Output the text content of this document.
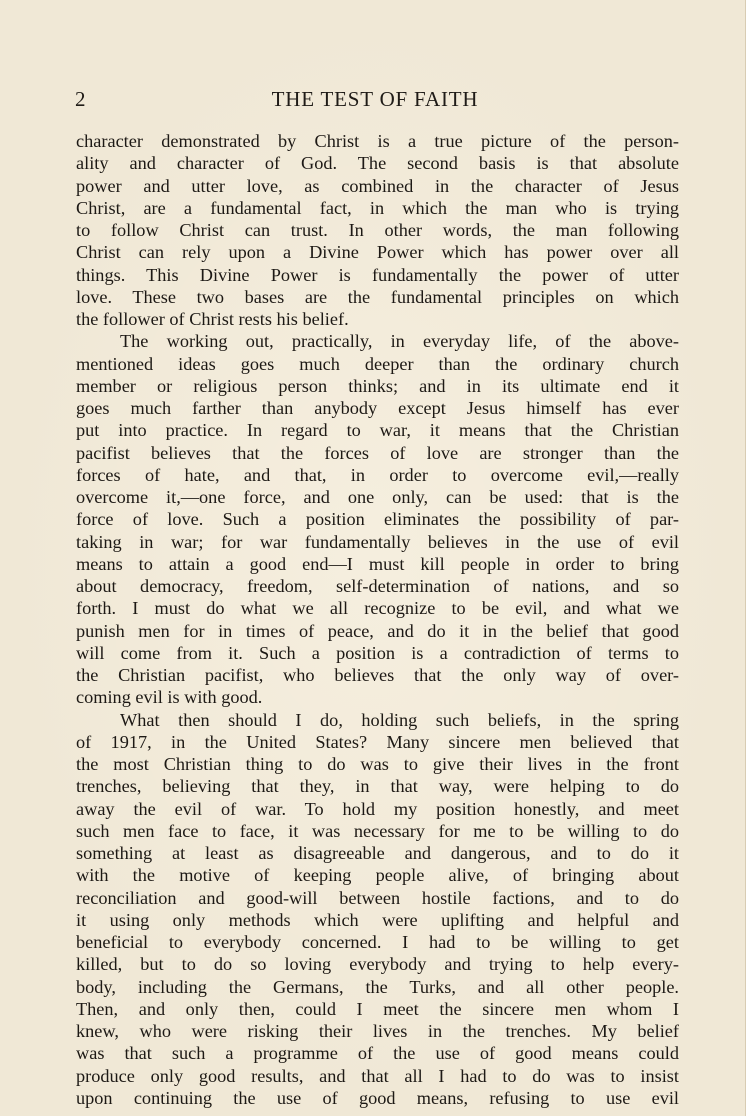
2	THE TEST OF FAITH
character demonstrated by Christ is a true picture of the person-
ality and character of God. The second basis is that absolute
power and utter love, as combined in the character of Jesus
Christ, are a fundamental fact, in which the man who is trying
to follow Christ can trust. In other words, the man following
Christ can rely upon a Divine Power which has power over all
things. This Divine Power is fundamentally the power of utter
love. These two bases are the fundamental principles on which
the follower of Christ rests his belief.
The working out, practically, in everyday life, of the above-
mentioned ideas goes much deeper than the ordinary church
member or religious person thinks; and in its ultimate end it
goes much farther than anybody except Jesus himself has ever
put into practice. In regard to war, it means that the Christian
pacifist believes that the forces of love are stronger than the
forces of hate, and that, in order to overcome evil,—really
overcome it,—one force, and one only, can be used: that is the
force of love. Such a position eliminates the possibility of par-
taking in war; for war fundamentally believes in the use of evil
means to attain a good end—I must kill people in order to bring
about democracy, freedom, self-determination of nations, and so
forth. I must do what we all recognize to be evil, and what we
punish men for in times of peace, and do it in the belief that good
will come from it. Such a position is a contradiction of terms to
the Christian pacifist, who believes that the only way of over-
coming evil is with good.
What then should I do, holding such beliefs, in the spring
of 1917, in the United States? Many sincere men believed that
the most Christian thing to do was to give their lives in the front
trenches, believing that they, in that way, were helping to do
away the evil of war. To hold my position honestly, and meet
such men face to face, it was necessary for me to be willing to do
something at least as disagreeable and dangerous, and to do it
with the motive of keeping people alive, of bringing about
reconciliation and good-will between hostile factions, and to do
it using only methods which were uplifting and helpful and
beneficial to everybody concerned. I had to be willing to get
killed, but to do so loving everybody and trying to help every-
body, including the Germans, the Turks, and all other people.
Then, and only then, could I meet the sincere men whom I
knew, who were risking their lives in the trenches. My belief
was that such a programme of the use of good means could
produce only good results, and that all I had to do was to insist
upon continuing the use of good means, refusing to use evil
